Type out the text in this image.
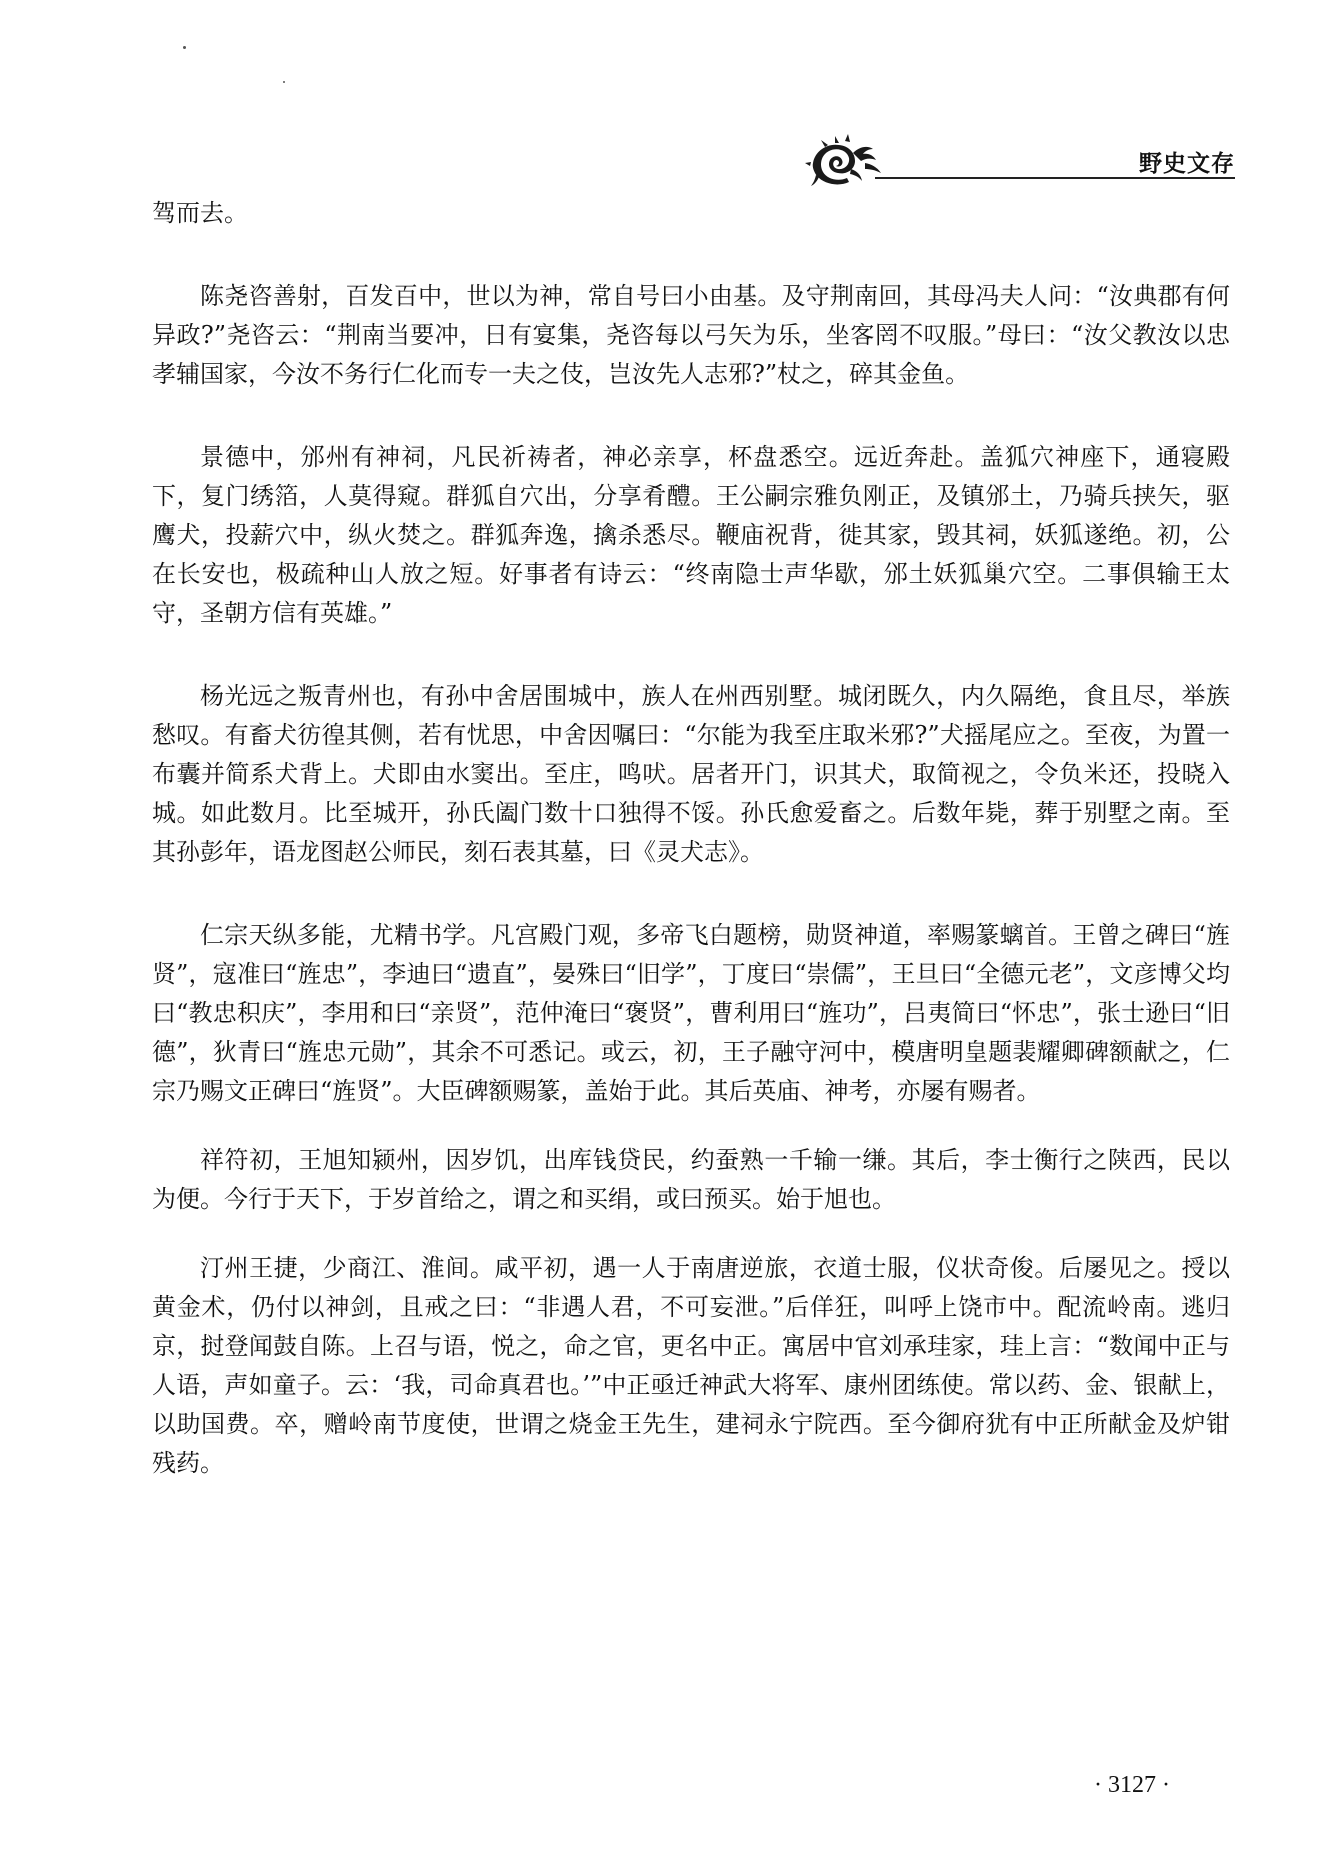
野史文存

驾而去。

陈尧咨善射，百发百中，世以为神，常自号曰小由基。及守荆南回，其母冯夫人问：“汝典郡有何异政?”尧咨云：“荆南当要冲，日有宴集，尧咨每以弓矢为乐，坐客罔不叹服。”母曰：“汝父教汝以忠孝辅国家，今汝不务行仁化而专一夫之伎，岂汝先人志邪?”杖之，碎其金鱼。

景德中，邠州有神祠，凡民祈祷者，神必亲享，杯盘悉空。远近奔赴。盖狐穴神座下，通寝殿下，复门绣箔，人莫得窥。群狐自穴出，分享肴醴。王公嗣宗雅负刚正，及镇邠土，乃骑兵挟矢，驱鹰犬，投薪穴中，纵火焚之。群狐奔逸，擒杀悉尽。鞭庙祝背，徙其家，毁其祠，妖狐遂绝。初，公在长安也，极疏种山人放之短。好事者有诗云：“终南隐士声华歇，邠土妖狐巢穴空。二事俱输王太守，圣朝方信有英雄。”

杨光远之叛青州也，有孙中舍居围城中，族人在州西别墅。城闭既久，内久隔绝，食且尽，举族愁叹。有畜犬彷徨其侧，若有忧思，中舍因嘱曰：“尔能为我至庄取米邪?”犬摇尾应之。至夜，为置一布囊并简系犬背上。犬即由水窦出。至庄，鸣吠。居者开门，识其犬，取简视之，令负米还，投晓入城。如此数月。比至城开，孙氏阖门数十口独得不馁。孙氏愈爱畜之。后数年毙，葬于别墅之南。至其孙彭年，语龙图赵公师民，刻石表其墓，曰《灵犬志》。

仁宗天纵多能，尤精书学。凡宫殿门观，多帝飞白题榜，勋贤神道，率赐篆螭首。王曾之碑曰“旌贤”，寇准曰“旌忠”，李迪曰“遗直”，晏殊曰“旧学”，丁度曰“崇儒”，王旦曰“全德元老”，文彦博父均曰“教忠积庆”，李用和曰“亲贤”，范仲淹曰“褒贤”，曹利用曰“旌功”，吕夷简曰“怀忠”，张士逊曰“旧德”，狄青曰“旌忠元勋”，其余不可悉记。或云，初，王子融守河中，模唐明皇题裴耀卿碑额献之，仁宗乃赐文正碑曰“旌贤”。大臣碑额赐篆，盖始于此。其后英庙、神考，亦屡有赐者。

祥符初，王旭知颍州，因岁饥，出库钱贷民，约蚕熟一千输一缣。其后，李士衡行之陕西，民以为便。今行于天下，于岁首给之，谓之和买绢，或曰预买。始于旭也。

汀州王捷，少商江、淮间。咸平初，遇一人于南唐逆旅，衣道士服，仪状奇俊。后屡见之。授以黄金术，仍付以神剑，且戒之曰：“非遇人君，不可妄泄。”后佯狂，叫呼上饶市中。配流岭南。逃归京，挝登闻鼓自陈。上召与语，悦之，命之官，更名中正。寓居中官刘承珪家，珪上言：“数闻中正与人语，声如童子。云：‘我，司命真君也。’”中正亟迁神武大将军、康州团练使。常以药、金、银献上，以助国费。卒，赠岭南节度使，世谓之烧金王先生，建祠永宁院西。至今御府犹有中正所献金及炉钳残药。

· 3127 ·
